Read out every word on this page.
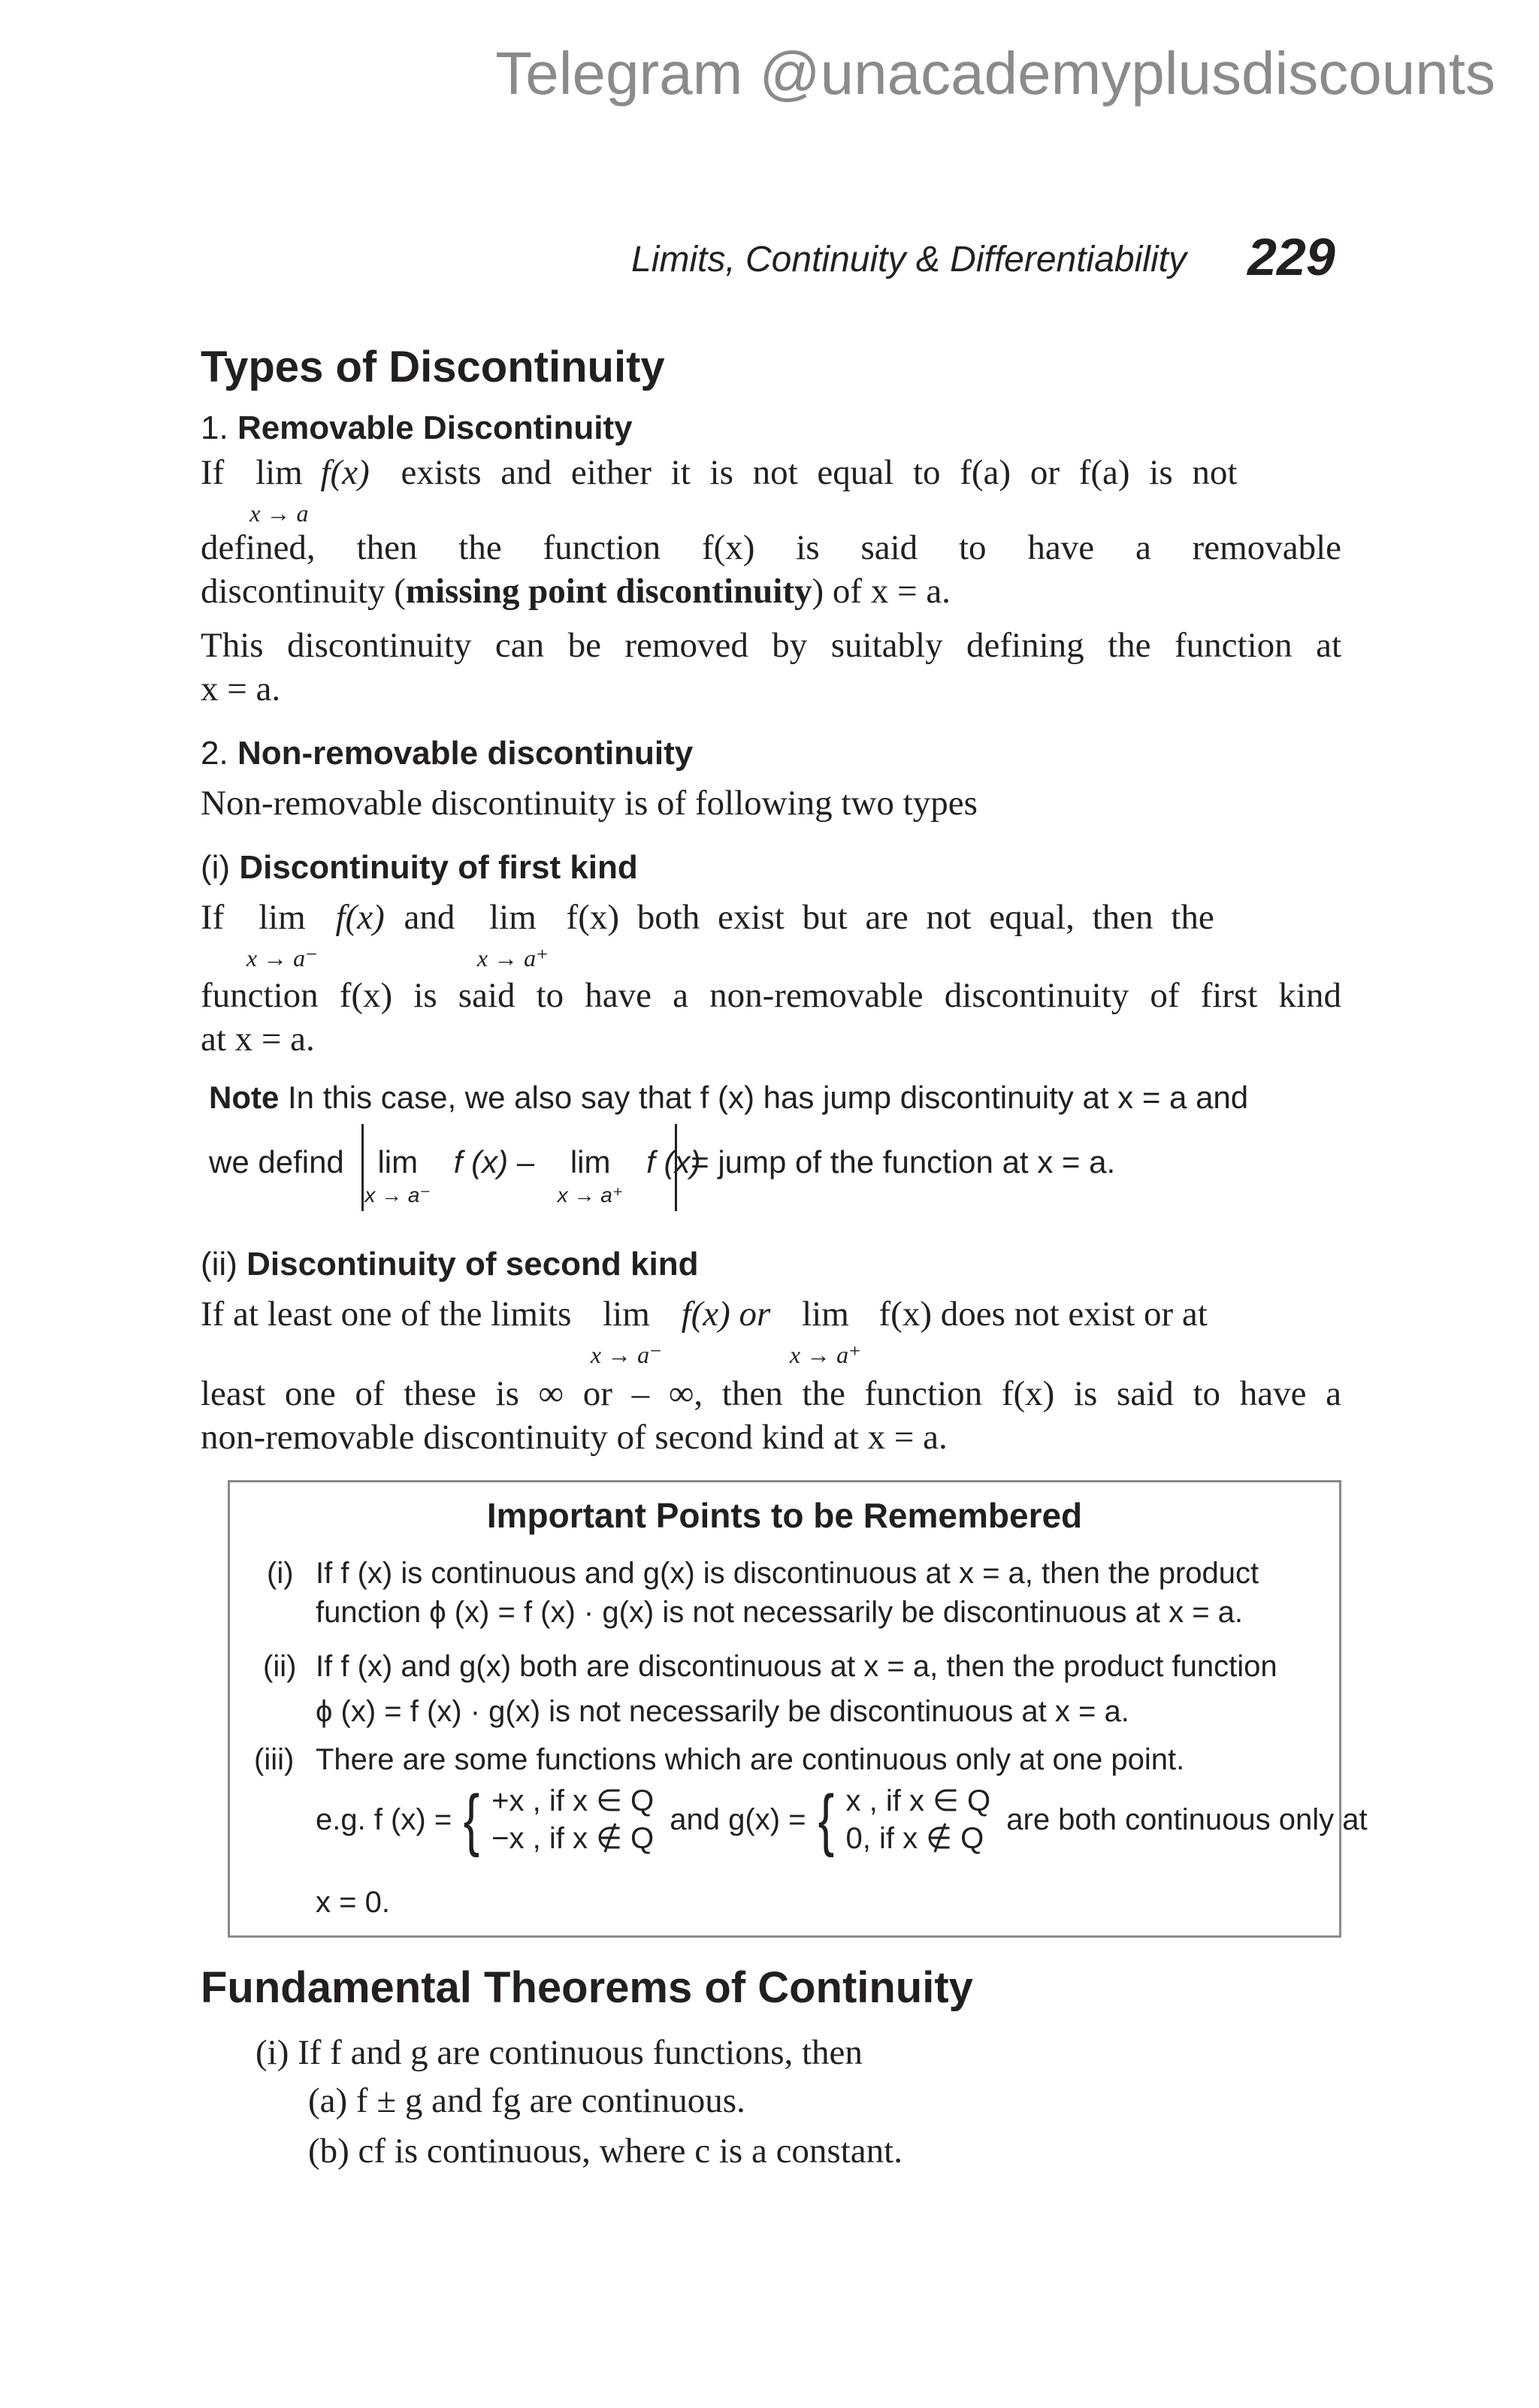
Telegram @unacademyplusdiscounts
Limits, Continuity & Differentiability 229
Types of Discontinuity
1. Removable Discontinuity
If lim
x → a
f(x) exists and either it is not equal to f(a) or f(a) is not
defined, then the function f(x) is said to have a removable
discontinuity (missing point discontinuity) of x = a.
This discontinuity can be removed by suitably defining the function at
x = a.
2. Non-removable discontinuity
Non-removable discontinuity is of following two types
(i) Discontinuity of first kind
If lim
x → a⁻
f(x) and lim
x → a⁺
f(x) both exist but are not equal, then the
function f(x) is said to have a non-removable discontinuity of first kind
at x = a.
Note In this case, we also say that f (x) has jump discontinuity at x = a and
we defind lim
x → a⁻
f (x) – lim
x → a⁺
f (x)
= jump of the function at x = a.
(ii) Discontinuity of second kind
If at least one of the limits lim
x → a⁻
f(x) or lim
x → a⁺
f(x) does not exist or at
least one of these is ∞ or – ∞, then the function f(x) is said to have a
non-removable discontinuity of second kind at x = a.
Important Points to be Remembered
(i) If f (x) is continuous and g(x) is discontinuous at x = a, then the product
function ϕ (x) = f (x) · g(x) is not necessarily be discontinuous at x = a.
(ii) If f (x) and g(x) both are discontinuous at x = a, then the product function
ϕ (x) = f (x) · g(x) is not necessarily be discontinuous at x = a.
(iii) There are some functions which are continuous only at one point.
e.g. f (x) = { +x , if x ∈ Q
−x , if x ∉ Q
and g(x) = { x , if x ∈ Q
0, if x ∉ Q
are both continuous only at
x = 0.
Fundamental Theorems of Continuity
(i) If f and g are continuous functions, then
(a) f ± g and fg are continuous.
(b) cf is continuous, where c is a constant.
